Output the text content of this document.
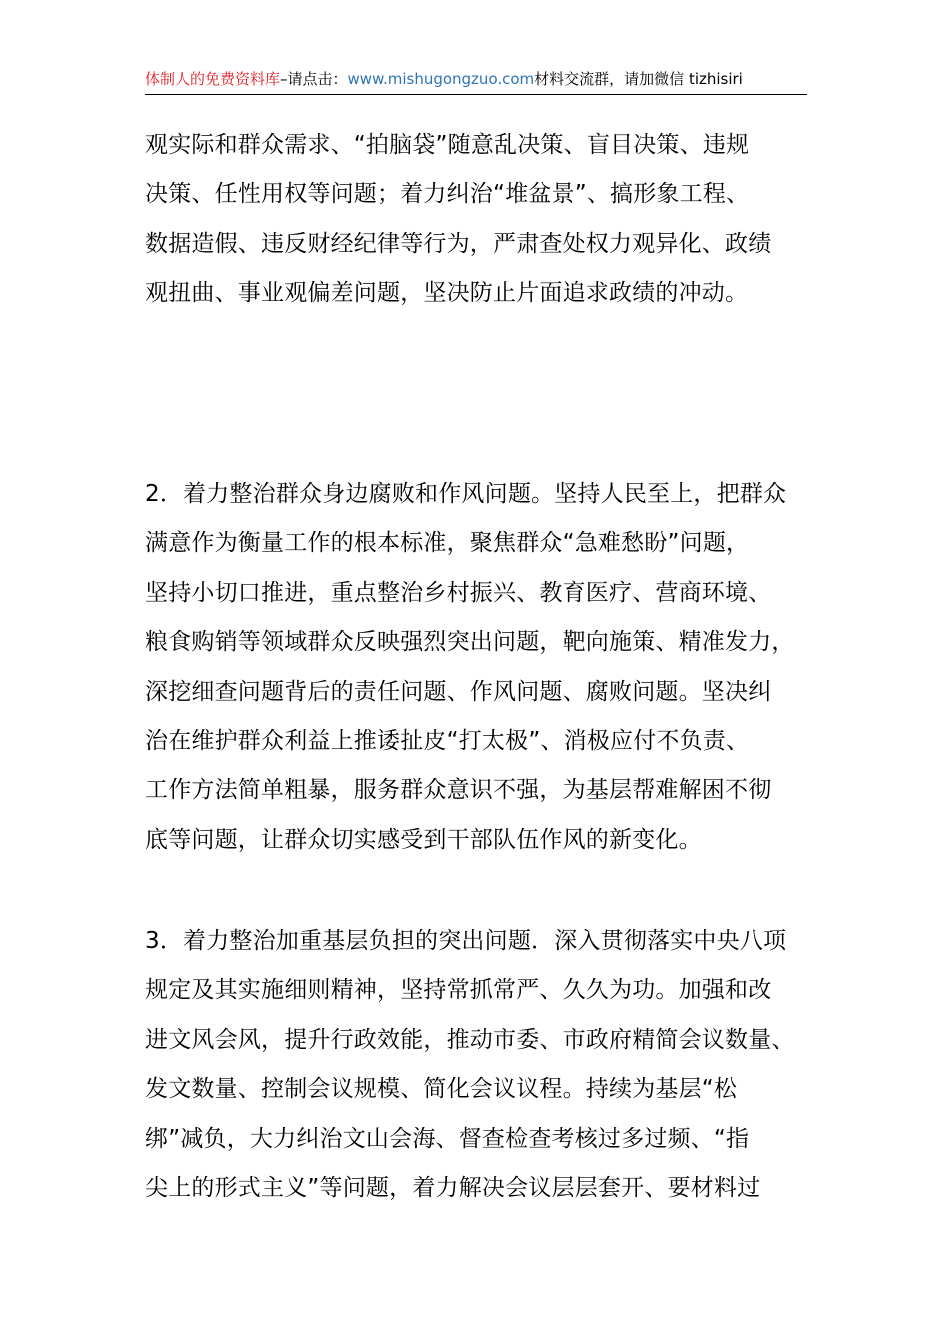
体制人的免费资料库–请点击：www.mishugongzuo.com材料交流群，请加微信 tizhisiri
观实际和群众需求、“拍脑袋”随意乱决策、盲目决策、违规
决策、任性用权等问题；着力纠治“堆盆景”、搞形象工程、
数据造假、违反财经纪律等行为，严肃查处权力观异化、政绩
观扭曲、事业观偏差问题，坚决防止片面追求政绩的冲动。
2．着力整治群众身边腐败和作风问题。坚持人民至上，把群众
满意作为衡量工作的根本标准，聚焦群众“急难愁盼”问题，
坚持小切口推进，重点整治乡村振兴、教育医疗、营商环境、
粮食购销等领域群众反映强烈突出问题，靶向施策、精准发力，
深挖细查问题背后的责任问题、作风问题、腐败问题。坚决纠
治在维护群众利益上推诿扯皮“打太极”、消极应付不负责、
工作方法简单粗暴，服务群众意识不强，为基层帮难解困不彻
底等问题，让群众切实感受到干部队伍作风的新变化。
3．着力整治加重基层负担的突出问题．深入贯彻落实中央八项
规定及其实施细则精神，坚持常抓常严、久久为功。加强和改
进文风会风，提升行政效能，推动市委、市政府精简会议数量、
发文数量、控制会议规模、简化会议议程。持续为基层“松
绑”减负，大力纠治文山会海、督查检查考核过多过频、“指
尖上的形式主义”等问题，着力解决会议层层套开、要材料过
